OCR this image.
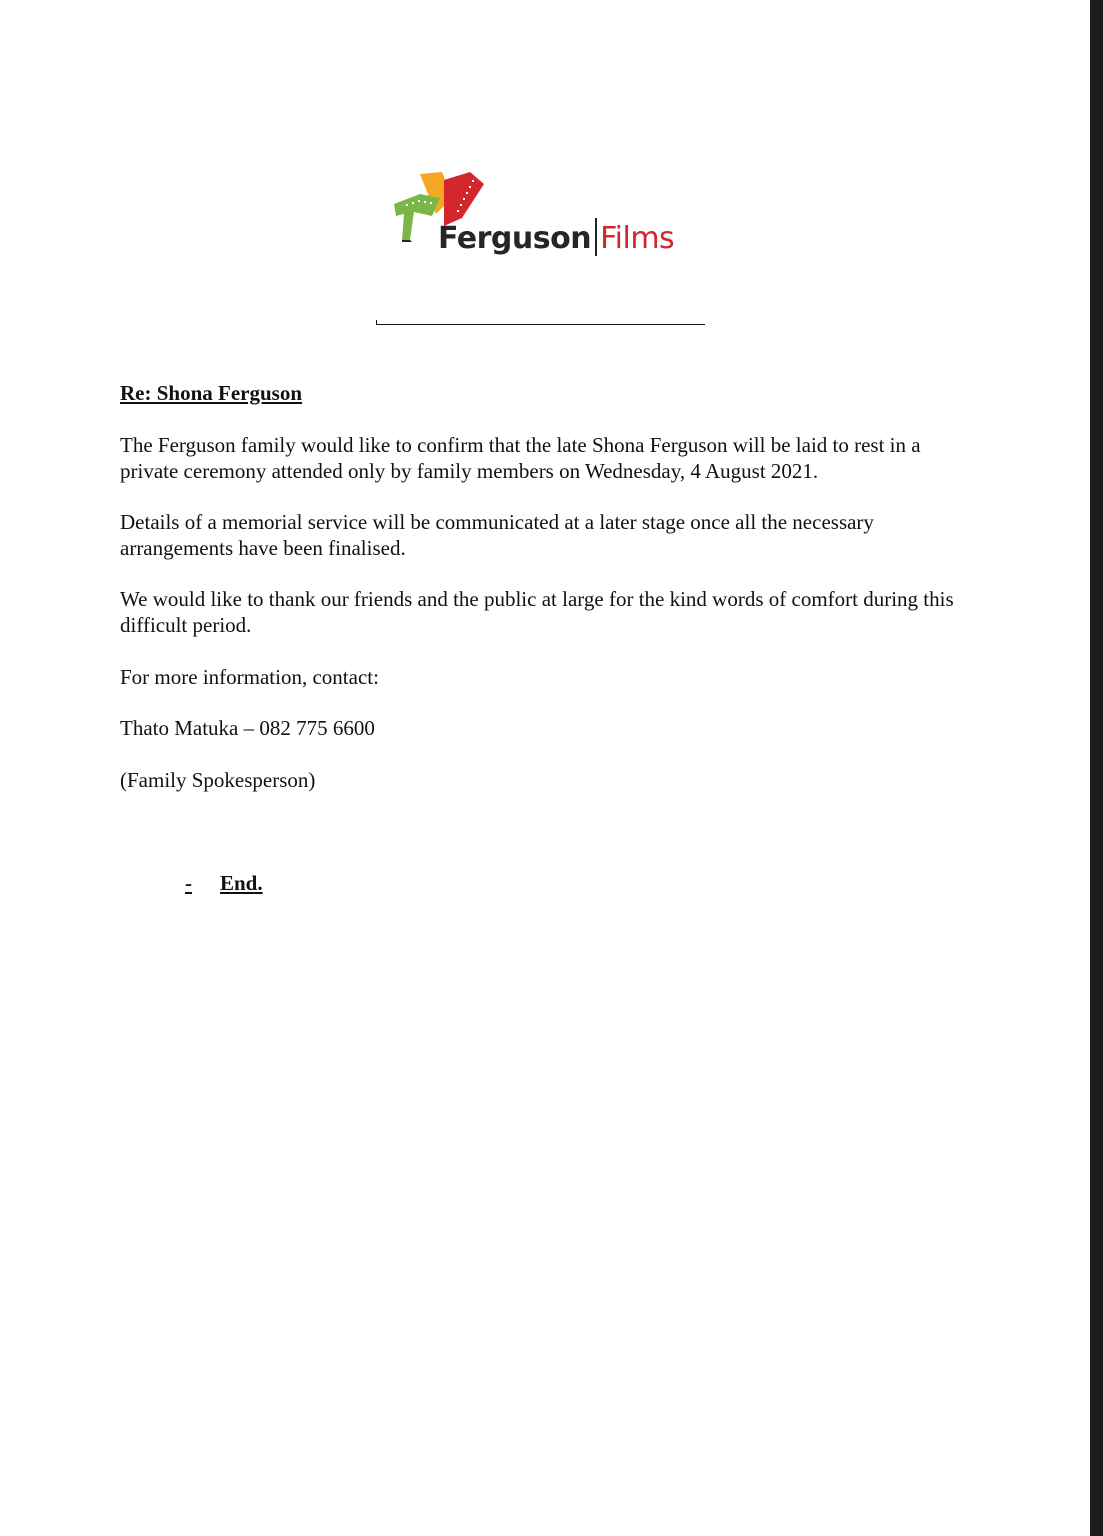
Ferguson Films

Re: Shona Ferguson

The Ferguson family would like to confirm that the late Shona Ferguson will be laid to rest in a private ceremony attended only by family members on Wednesday, 4 August 2021.

Details of a memorial service will be communicated at a later stage once all the necessary arrangements have been finalised.

We would like to thank our friends and the public at large for the kind words of comfort during this difficult period.

For more information, contact:

Thato Matuka – 082 775 6600

(Family Spokesperson)

- End.
